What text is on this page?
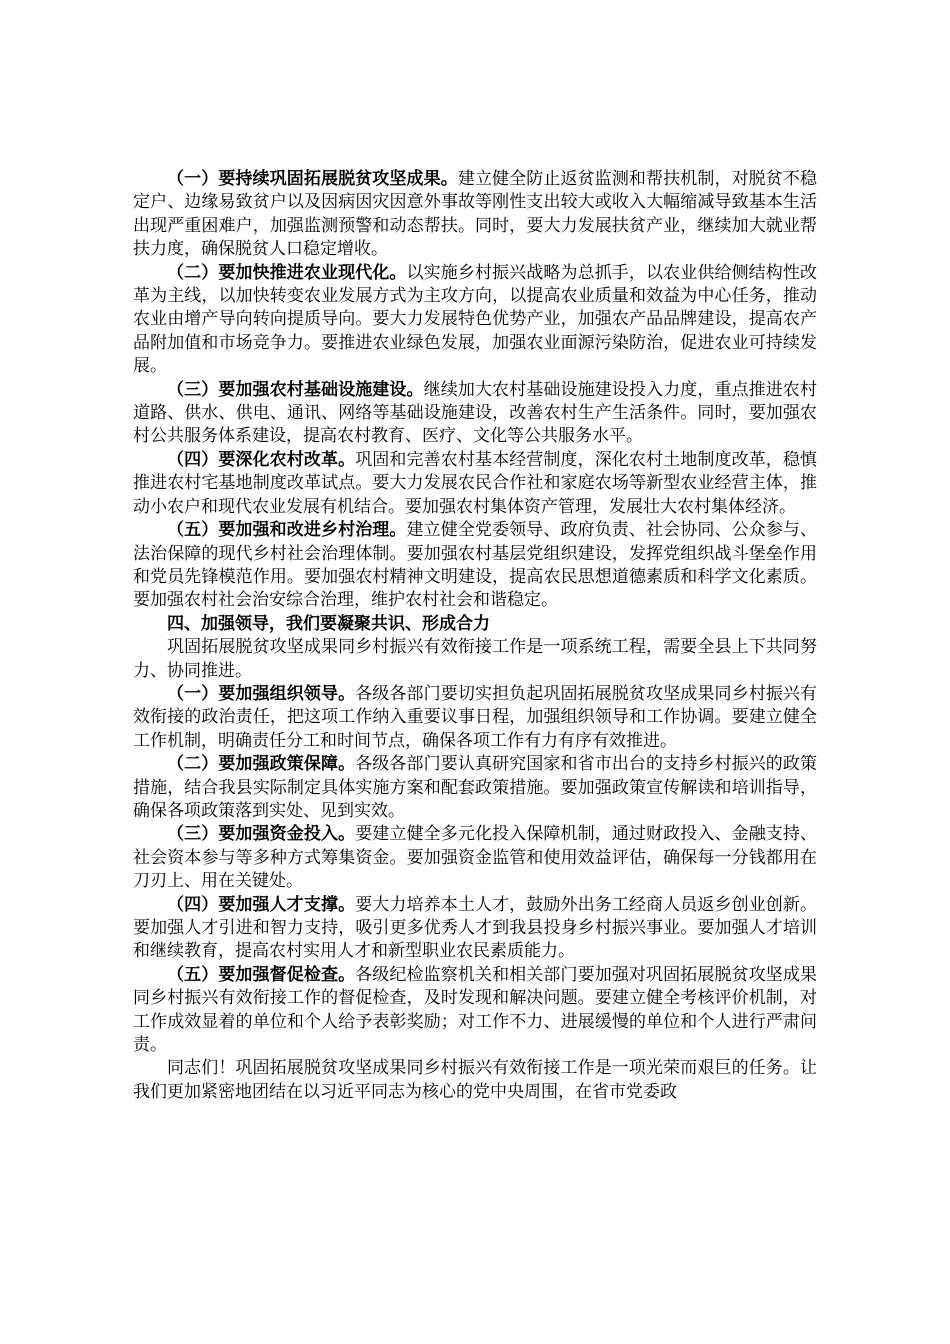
（一）要持续巩固拓展脱贫攻坚成果。建立健全防止返贫监测和帮扶机制，对脱贫不稳定户、边缘易致贫户以及因病因灾因意外事故等刚性支出较大或收入大幅缩减导致基本生活出现严重困难户，加强监测预警和动态帮扶。同时，要大力发展扶贫产业，继续加大就业帮扶力度，确保脱贫人口稳定增收。

（二）要加快推进农业现代化。以实施乡村振兴战略为总抓手，以农业供给侧结构性改革为主线，以加快转变农业发展方式为主攻方向，以提高农业质量和效益为中心任务，推动农业由增产导向转向提质导向。要大力发展特色优势产业，加强农产品品牌建设，提高农产品附加值和市场竞争力。要推进农业绿色发展，加强农业面源污染防治，促进农业可持续发展。

（三）要加强农村基础设施建设。继续加大农村基础设施建设投入力度，重点推进农村道路、供水、供电、通讯、网络等基础设施建设，改善农村生产生活条件。同时，要加强农村公共服务体系建设，提高农村教育、医疗、文化等公共服务水平。

（四）要深化农村改革。巩固和完善农村基本经营制度，深化农村土地制度改革，稳慎推进农村宅基地制度改革试点。要大力发展农民合作社和家庭农场等新型农业经营主体，推动小农户和现代农业发展有机结合。要加强农村集体资产管理，发展壮大农村集体经济。

（五）要加强和改进乡村治理。建立健全党委领导、政府负责、社会协同、公众参与、法治保障的现代乡村社会治理体制。要加强农村基层党组织建设，发挥党组织战斗堡垒作用和党员先锋模范作用。要加强农村精神文明建设，提高农民思想道德素质和科学文化素质。要加强农村社会治安综合治理，维护农村社会和谐稳定。

四、加强领导，我们要凝聚共识、形成合力

巩固拓展脱贫攻坚成果同乡村振兴有效衔接工作是一项系统工程，需要全县上下共同努力、协同推进。

（一）要加强组织领导。各级各部门要切实担负起巩固拓展脱贫攻坚成果同乡村振兴有效衔接的政治责任，把这项工作纳入重要议事日程，加强组织领导和工作协调。要建立健全工作机制，明确责任分工和时间节点，确保各项工作有力有序有效推进。

（二）要加强政策保障。各级各部门要认真研究国家和省市出台的支持乡村振兴的政策措施，结合我县实际制定具体实施方案和配套政策措施。要加强政策宣传解读和培训指导，确保各项政策落到实处、见到实效。

（三）要加强资金投入。要建立健全多元化投入保障机制，通过财政投入、金融支持、社会资本参与等多种方式筹集资金。要加强资金监管和使用效益评估，确保每一分钱都用在刀刃上、用在关键处。

（四）要加强人才支撑。要大力培养本土人才，鼓励外出务工经商人员返乡创业创新。要加强人才引进和智力支持，吸引更多优秀人才到我县投身乡村振兴事业。要加强人才培训和继续教育，提高农村实用人才和新型职业农民素质能力。

（五）要加强督促检查。各级纪检监察机关和相关部门要加强对巩固拓展脱贫攻坚成果同乡村振兴有效衔接工作的督促检查，及时发现和解决问题。要建立健全考核评价机制，对工作成效显着的单位和个人给予表彰奖励；对工作不力、进展缓慢的单位和个人进行严肃问责。

同志们！巩固拓展脱贫攻坚成果同乡村振兴有效衔接工作是一项光荣而艰巨的任务。让我们更加紧密地团结在以习近平同志为核心的党中央周围，在省市党委政
